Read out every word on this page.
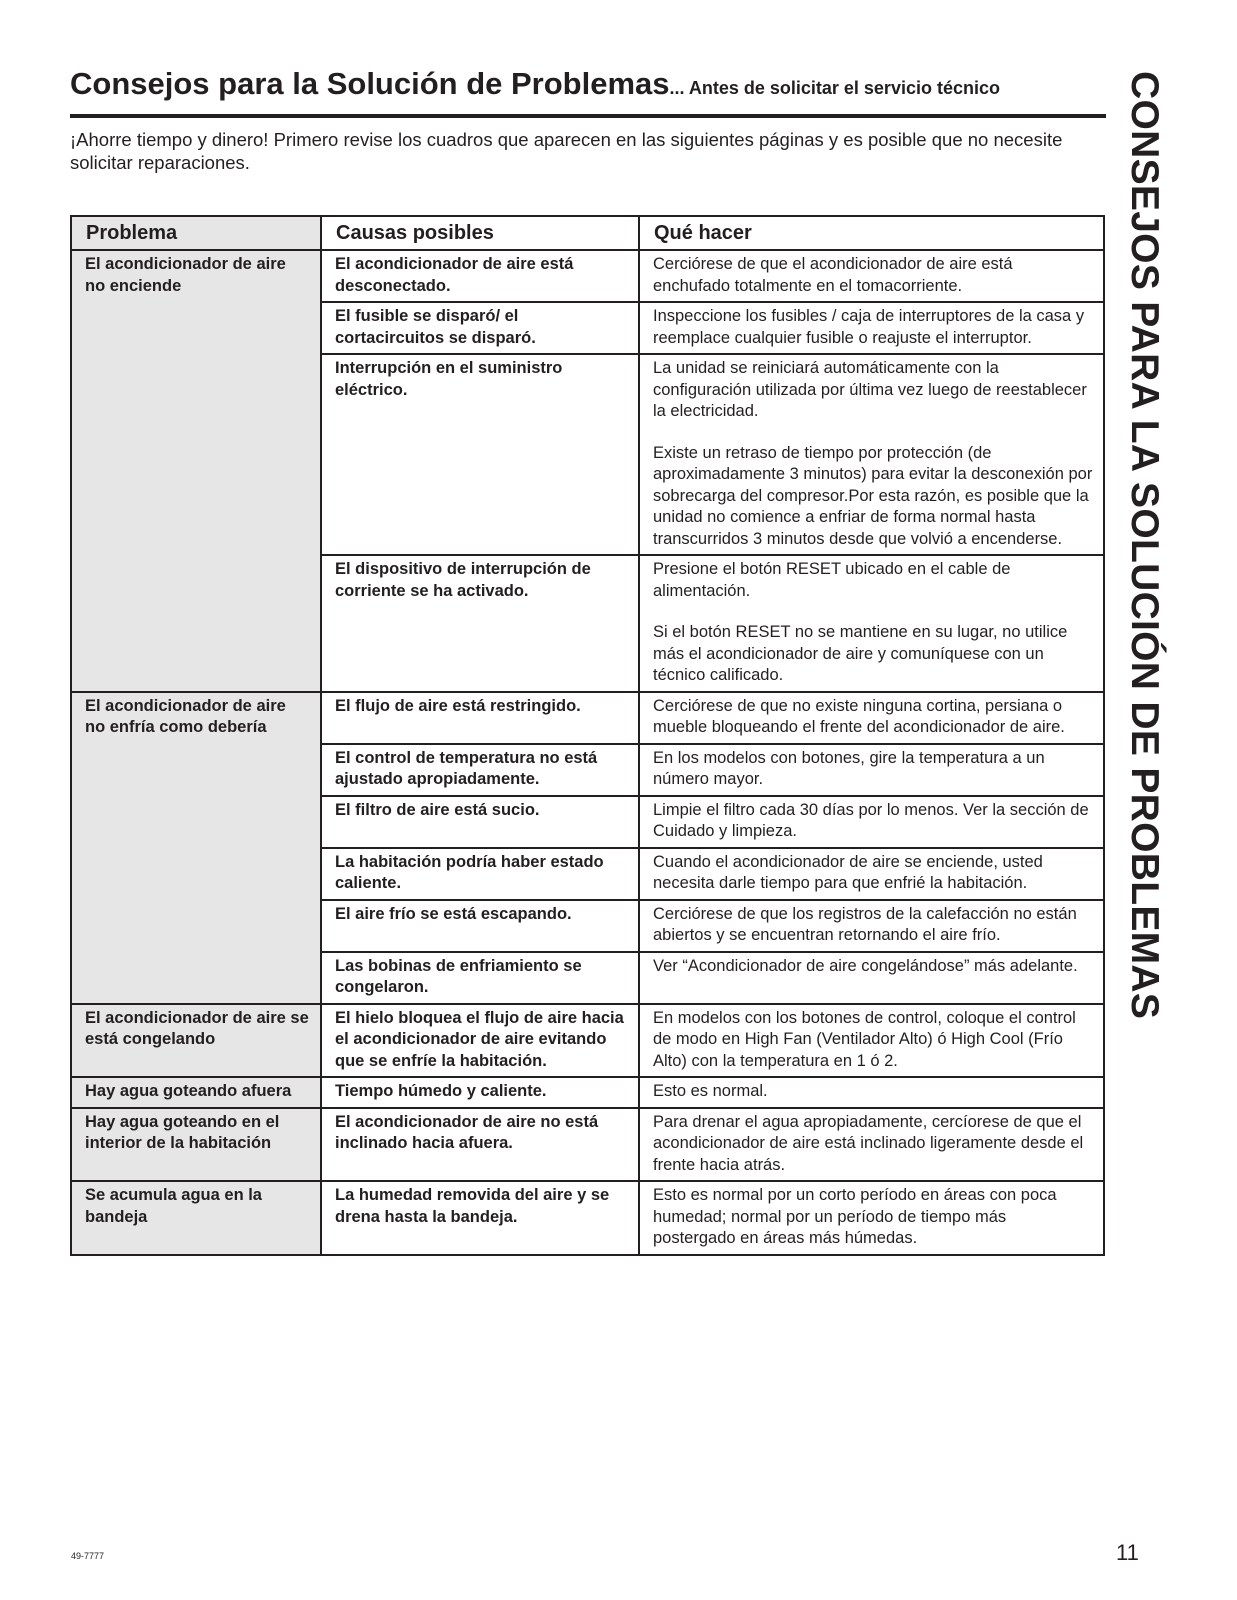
Consejos para la Solución de Problemas... Antes de solicitar el servicio técnico

¡Ahorre tiempo y dinero! Primero revise los cuadros que aparecen en las siguientes páginas y es posible que no necesite solicitar reparaciones.	CONSEJOS PARA LA SOLUCIÓN DE PROBLEMAS
Problema	Causas posibles	Qué hacer
El acondicionador de aire no enciende	El acondicionador de aire está desconectado.	Cerciórese de que el acondicionador de aire está enchufado totalmente en el tomacorriente.

	El fusible se disparó/ el cortacircuitos se disparó.	Inspeccione los fusibles / caja de interruptores de la casa y reemplace cualquier fusible o reajuste el interruptor.

	Interrupción en el suministro eléctrico.	La unidad se reiniciará automáticamente con la configuración utilizada por última vez luego de reestablecer la electricidad.
Existe un retraso de tiempo por protección (de aproximadamente 3 minutos) para evitar la desconexión por sobrecarga del compresor.Por esta razón, es posible que la unidad no comience a enfriar de forma normal hasta transcurridos 3 minutos desde que volvió a encenderse.

	El dispositivo de interrupción de corriente se ha activado.	Presione el botón RESET ubicado en el cable de alimentación.
Si el botón RESET no se mantiene en su lugar, no utilice más el acondicionador de aire y comuníquese con un técnico calificado.

El acondicionador de aire no enfría como debería	El flujo de aire está restringido.	Cerciórese de que no existe ninguna cortina, persiana o mueble bloqueando el frente del acondicionador de aire.

	El control de temperatura no está ajustado apropiadamente.	En los modelos con botones, gire la temperatura a un número mayor.

	El filtro de aire está sucio.	Limpie el filtro cada 30 días por lo menos. Ver la sección de Cuidado y limpieza.

	La habitación podría haber estado caliente.	Cuando el acondicionador de aire se enciende, usted necesita darle tiempo para que enfrié la habitación.

	El aire frío se está escapando.	Cerciórese de que los registros de la calefacción no están abiertos y se encuentran retornando el aire frío.

	Las bobinas de enfriamiento se congelaron.	Ver “Acondicionador de aire congelándose” más adelante.

El acondicionador de aire se está congelando	El hielo bloquea el flujo de aire hacia el acondicionador de aire evitando que se enfríe la habitación.	En modelos con los botones de control, coloque el control de modo en High Fan (Ventilador Alto) ó High Cool (Frío Alto) con la temperatura en 1 ó 2.

Hay agua goteando afuera	Tiempo húmedo y caliente.	Esto es normal.

Hay agua goteando en el interior de la habitación	El acondicionador de aire no está inclinado hacia afuera.	Para drenar el agua apropiadamente, cercíorese de que el acondicionador de aire está inclinado ligeramente desde el frente hacia atrás.

Se acumula agua en la bandeja	La humedad removida del aire y se drena hasta la bandeja.	Esto es normal por un corto período en áreas con poca humedad; normal por un período de tiempo más postergado en áreas más húmedas.
49-7777	11
